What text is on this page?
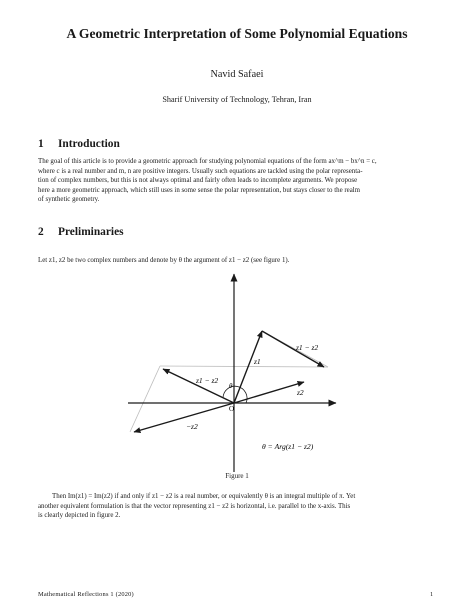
A Geometric Interpretation of Some Polynomial Equations
Navid Safaei
Sharif University of Technology, Tehran, Iran
1 Introduction
The goal of this article is to provide a geometric approach for studying polynomial equations of the form ax^m − bx^n = c,
where c is a real number and m, n are positive integers. Usually such equations are tackled using the polar representa-
tion of complex numbers, but this is not always optimal and fairly often leads to incomplete arguments. We propose
here a more geometric approach, which still uses in some sense the polar representation, but stays closer to the realm
of synthetic geometry.
2 Preliminaries
Let z1, z2 be two complex numbers and denote by θ the argument of z1 − z2 (see figure 1).
z1
z2
−z2
z1 − z2
z1 − z2
θ
O
θ = Arg(z1 − z2)
Figure 1
Then Im(z1) = Im(z2) if and only if z1 − z2 is a real number, or equivalently θ is an integral multiple of π. Yet
another equivalent formulation is that the vector representing z1 − z2 is horizontal, i.e. parallel to the x-axis. This
is clearly depicted in figure 2.
Mathematical Reflections 1 (2020)	1
